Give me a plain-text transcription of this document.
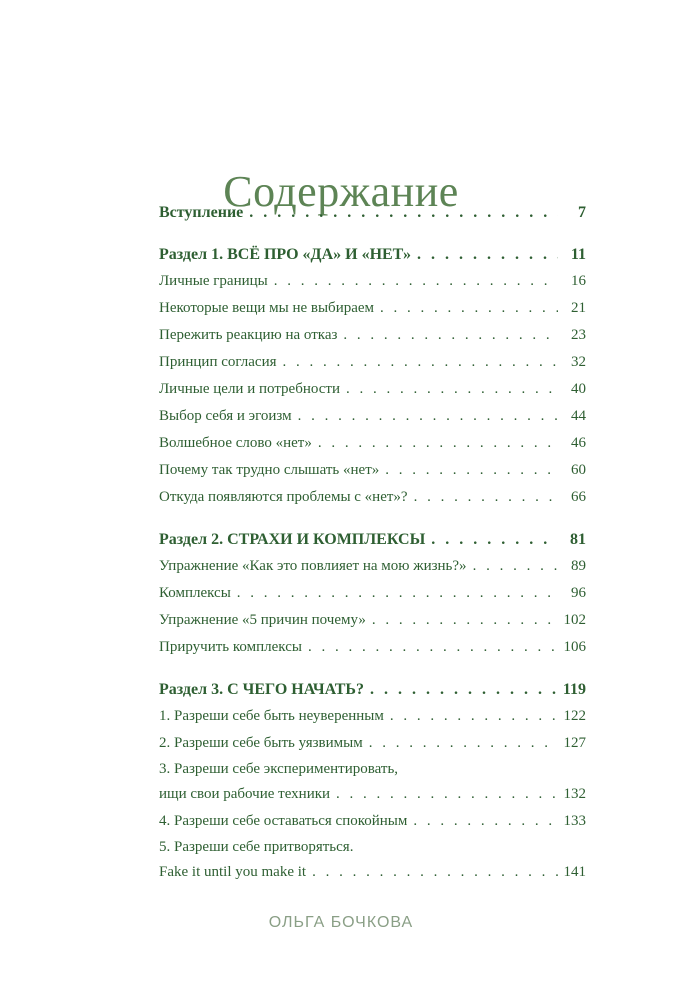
Содержание
Вступление . . .	7
Раздел 1. ВСЁ ПРО «ДА» И «НЕТ» . . .	11
Личные границы . . .	16
Некоторые вещи мы не выбираем . . .	21
Пережить реакцию на отказ . . .	23
Принцип согласия . . .	32
Личные цели и потребности . . .	40
Выбор себя и эгоизм . . .	44
Волшебное слово «нет» . . .	46
Почему так трудно слышать «нет» . . .	60
Откуда появляются проблемы с «нет»? . . .	66
Раздел 2. СТРАХИ И КОМПЛЕКСЫ . . .	81
Упражнение «Как это повлияет на мою жизнь?» . . .	89
Комплексы . . .	96
Упражнение «5 причин почему» . . .	102
Приручить комплексы . . .	106
Раздел 3. С ЧЕГО НАЧАТЬ? . . .	119
1. Разреши себе быть неуверенным . . .	122
2. Разреши себе быть уязвимым . . .	127
3. Разреши себе экспериментировать,
ищи свои рабочие техники . . .	132
4. Разреши себе оставаться спокойным . . .	133
5. Разреши себе притворяться.
Fake it until you make it . . .	141
ОЛЬГА БОЧКОВА
